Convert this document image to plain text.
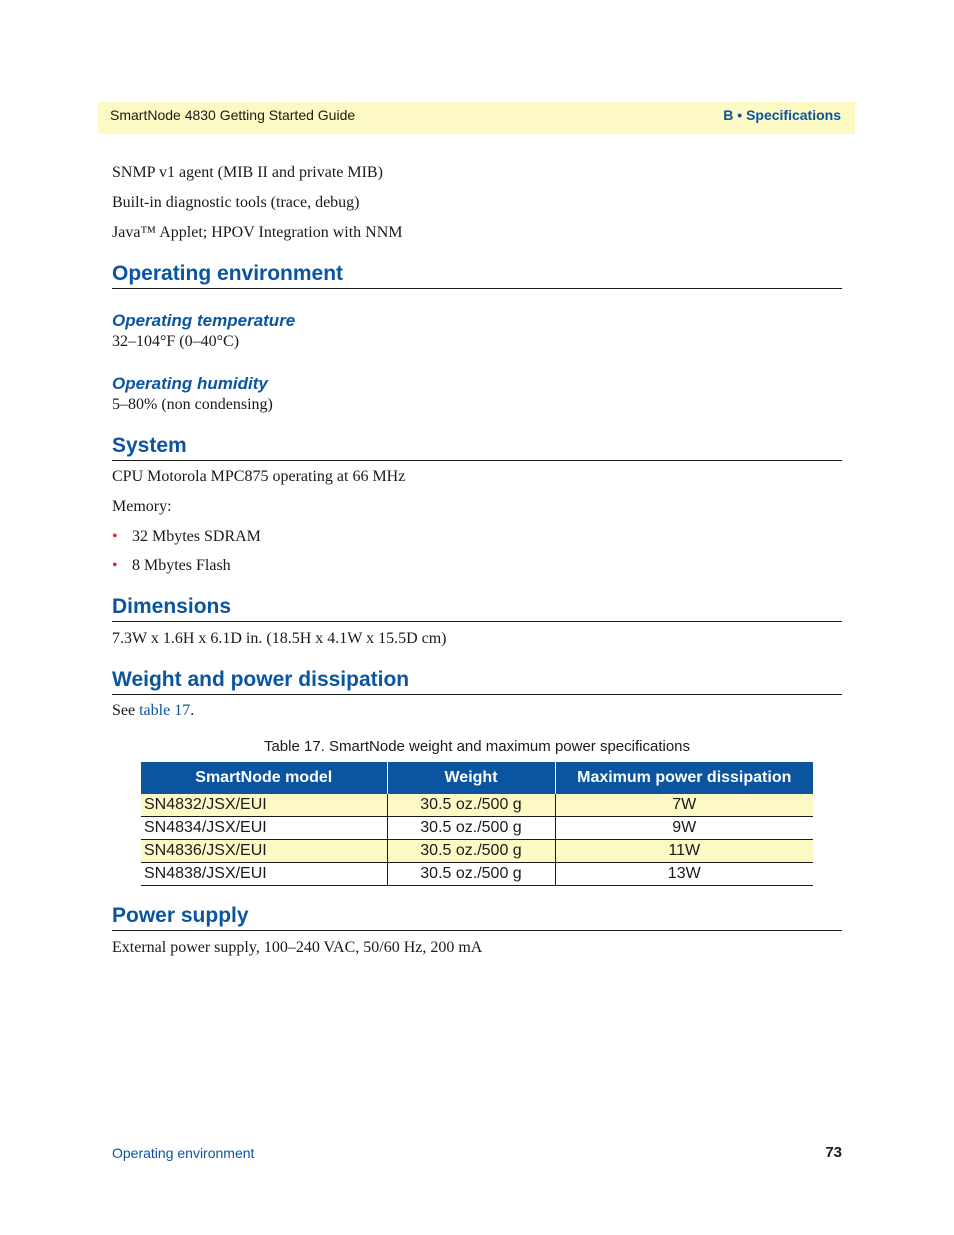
SmartNode 4830 Getting Started Guide	B • Specifications
SNMP v1 agent (MIB II and private MIB)
Built-in diagnostic tools (trace, debug)
Java™ Applet; HPOV Integration with NNM
Operating environment
Operating temperature
32–104°F (0–40°C)
Operating humidity
5–80% (non condensing)
System
CPU Motorola MPC875 operating at 66 MHz
Memory:
• 32 Mbytes SDRAM
• 8 Mbytes Flash
Dimensions
7.3W x 1.6H x 6.1D in. (18.5H x 4.1W x 15.5D cm)
Weight and power dissipation
See table 17.
Table 17. SmartNode weight and maximum power specifications
SmartNode model	Weight	Maximum power dissipation
SN4832/JSX/EUI	30.5 oz./500 g	7W
SN4834/JSX/EUI	30.5 oz./500 g	9W
SN4836/JSX/EUI	30.5 oz./500 g	11W
SN4838/JSX/EUI	30.5 oz./500 g	13W
Power supply
External power supply, 100–240 VAC, 50/60 Hz, 200 mA
Operating environment	73
